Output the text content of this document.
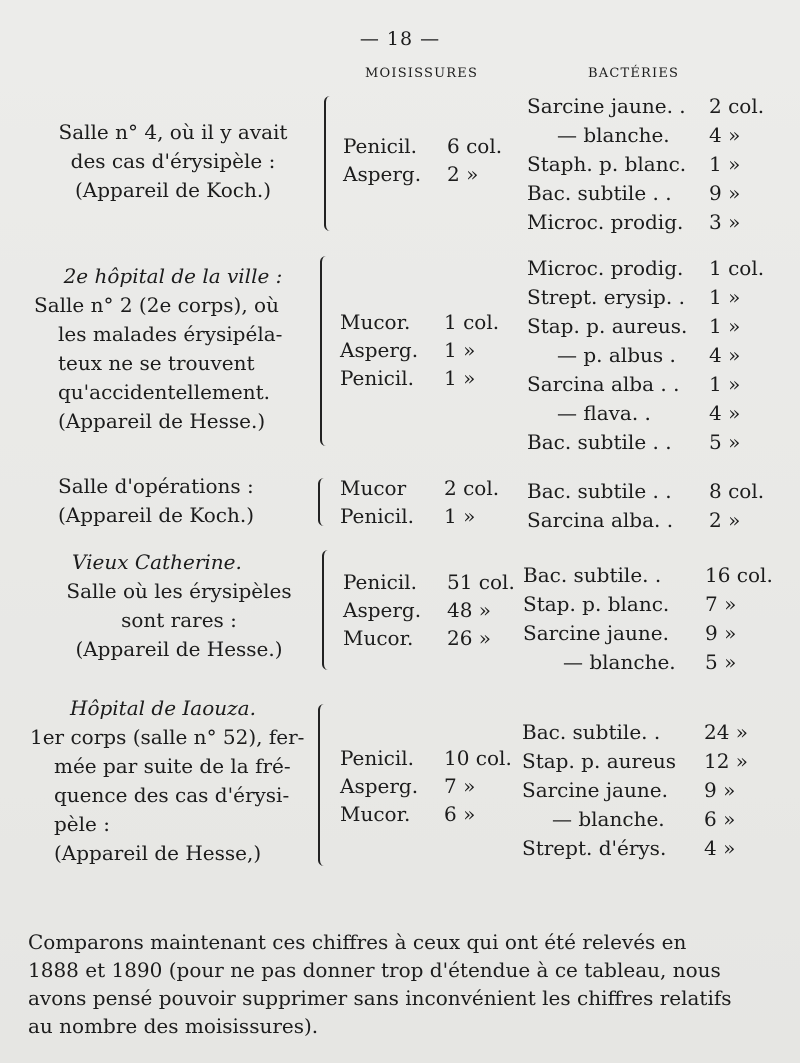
— 18 —
MOISISSURES	BACTÉRIES
Salle n° 4, où il y avait
des cas d'érysipèle :
(Appareil de Koch.)
Penicil.	6 col.
Asperg.	2 »
Sarcine jaune. .	2 col.
— blanche.	4 »
Staph. p. blanc.	1 »
Bac. subtile . .	9 »
Microc. prodig.	3 »
2e hôpital de la ville :
Salle n° 2 (2e corps), où
les malades érysipéla-
teux ne se trouvent
qu'accidentellement.
(Appareil de Hesse.)
Mucor.	1 col.
Asperg.	1 »
Penicil.	1 »
Microc. prodig.	1 col.
Strept. erysip. .	1 »
Stap. p. aureus.	1 »
— p. albus .	4 »
Sarcina alba . .	1 »
— flava. .	4 »
Bac. subtile . .	5 »
Salle d'opérations :
(Appareil de Koch.)
Mucor	2 col.
Penicil.	1 »
Bac. subtile . .	8 col.
Sarcina alba. .	2 »
Vieux Catherine.
Salle où les érysipèles
sont rares :
(Appareil de Hesse.)
Penicil.	51 col.
Asperg.	48 »
Mucor.	26 »
Bac. subtile. .	16 col.
Stap. p. blanc.	7 »
Sarcine jaune.	9 »
— blanche.	5 »
Hôpital de Iaouza.
1er corps (salle n° 52), fer-
mée par suite de la fré-
quence des cas d'érysi-
pèle :
(Appareil de Hesse,)
Penicil.	10 col.
Asperg.	7 »
Mucor.	6 »
Bac. subtile. .	24 »
Stap. p. aureus	12 »
Sarcine jaune.	9 »
— blanche.	6 »
Strept. d'érys.	4 »
Comparons maintenant ces chiffres à ceux qui ont été relevés en
1888 et 1890 (pour ne pas donner trop d'étendue à ce tableau, nous
avons pensé pouvoir supprimer sans inconvénient les chiffres relatifs
au nombre des moisissures).
